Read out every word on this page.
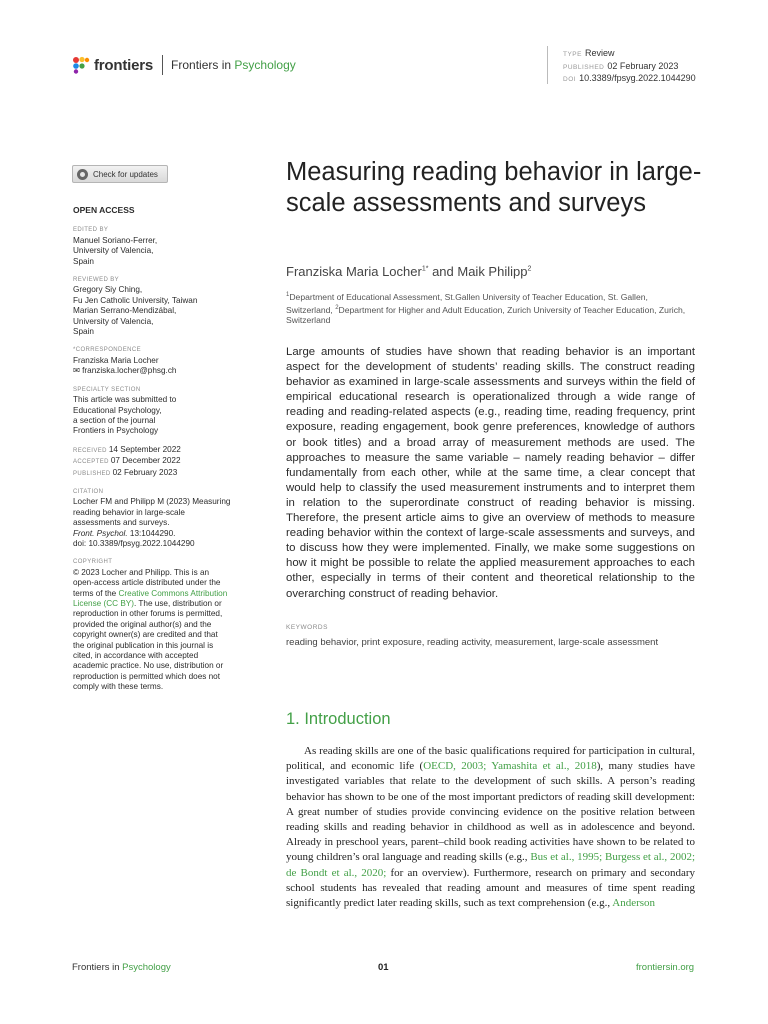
frontiers Frontiers in Psychology
TYPE Review
PUBLISHED 02 February 2023
DOI 10.3389/fpsyg.2022.1044290
Check for updates
OPEN ACCESS
EDITED BY
Manuel Soriano-Ferrer,
University of Valencia,
Spain
REVIEWED BY
Gregory Siy Ching,
Fu Jen Catholic University, Taiwan
Marian Serrano-Mendizábal,
University of Valencia,
Spain
*CORRESPONDENCE
Franziska Maria Locher
✉ franziska.locher@phsg.ch
SPECIALTY SECTION
This article was submitted to
Educational Psychology,
a section of the journal
Frontiers in Psychology
RECEIVED 14 September 2022
ACCEPTED 07 December 2022
PUBLISHED 02 February 2023
CITATION
Locher FM and Philipp M (2023) Measuring
reading behavior in large-scale
assessments and surveys.
Front. Psychol. 13:1044290.
doi: 10.3389/fpsyg.2022.1044290
COPYRIGHT
© 2023 Locher and Philipp. This is an
open-access article distributed under the
terms of the Creative Commons Attribution
License (CC BY). The use, distribution or
reproduction in other forums is permitted,
provided the original author(s) and the
copyright owner(s) are credited and that
the original publication in this journal is
cited, in accordance with accepted
academic practice. No use, distribution or
reproduction is permitted which does not
comply with these terms.
Measuring reading behavior in large-scale assessments and surveys
Franziska Maria Locher$^{1*}$ and Maik Philipp$^2$
$^1$Department of Educational Assessment, St.Gallen University of Teacher Education, St. Gallen, Switzerland, $^2$Department for Higher and Adult Education, Zurich University of Teacher Education, Zurich, Switzerland
Large amounts of studies have shown that reading behavior is an important aspect for the development of students’ reading skills. The construct reading behavior as examined in large-scale assessments and surveys within the field of empirical educational research is operationalized through a wide range of reading and reading-related aspects (e.g., reading time, reading frequency, print exposure, reading engagement, book genre preferences, knowledge of authors or book titles) and a broad array of measurement methods are used. The approaches to measure the same variable – namely reading behavior – differ fundamentally from each other, while at the same time, a clear concept that would help to classify the used measurement instruments and to interpret them in relation to the superordinate construct of reading behavior is missing. Therefore, the present article aims to give an overview of methods to measure reading behavior within the context of large-scale assessments and surveys, and to discuss how they were implemented. Finally, we make some suggestions on how it might be possible to relate the applied measurement approaches to each other, especially in terms of their content and theoretical relationship to the overarching construct of reading behavior.
KEYWORDS
reading behavior, print exposure, reading activity, measurement, large-scale assessment
1. Introduction
As reading skills are one of the basic qualifications required for participation in cultural, political, and economic life (OECD, 2003; Yamashita et al., 2018), many studies have investigated variables that relate to the development of such skills. A person’s reading behavior has shown to be one of the most important predictors of reading skill development: A great number of studies provide convincing evidence on the positive relation between reading skills and reading behavior in childhood as well as in adolescence and beyond. Already in preschool years, parent–child book reading activities have shown to be related to young children’s oral language and reading skills (e.g., Bus et al., 1995; Burgess et al., 2002; de Bondt et al., 2020; for an overview). Furthermore, research on primary and secondary school students has revealed that reading amount and measures of time spent reading significantly predict later reading skills, such as text comprehension (e.g., Anderson
Frontiers in Psychology	01	frontiersin.org
